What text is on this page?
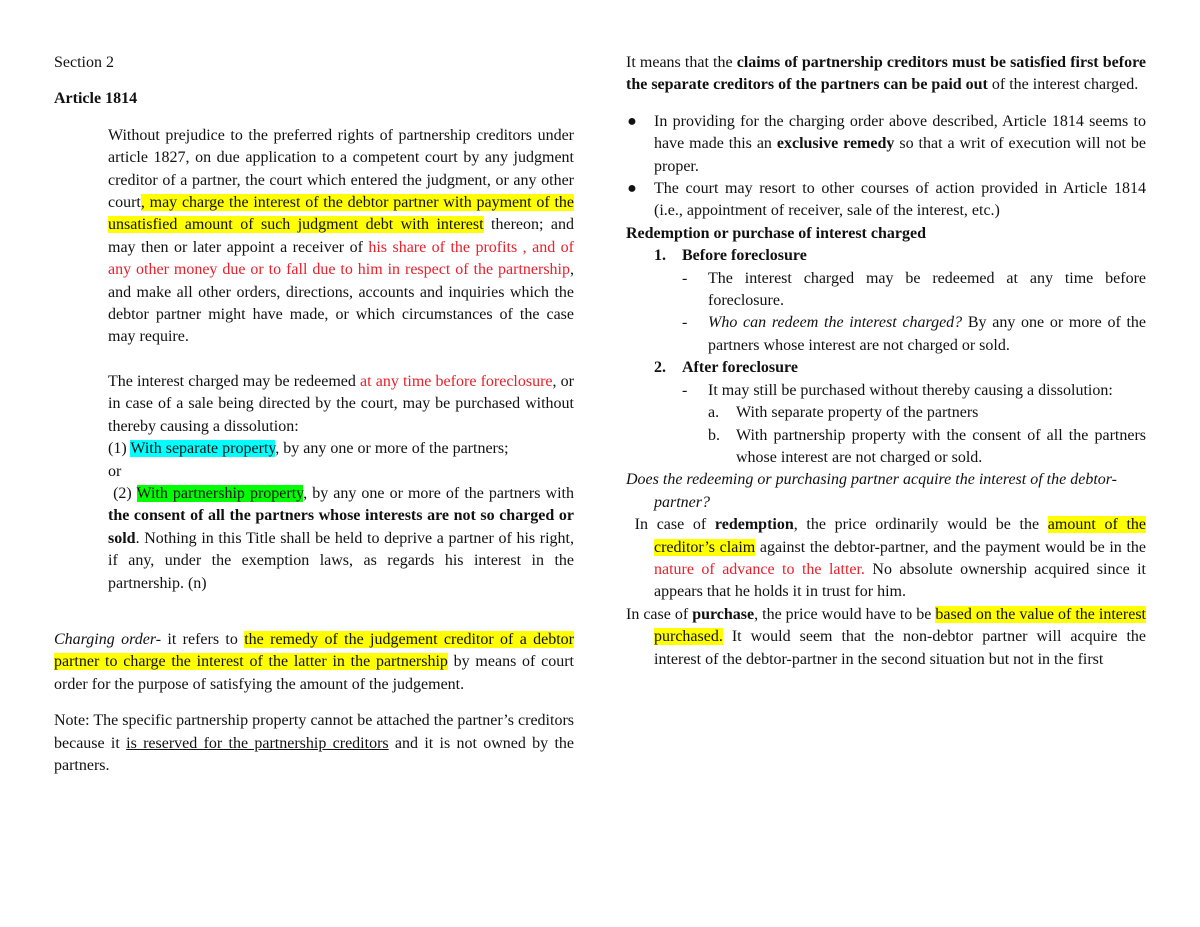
Section 2

Article 1814

Without prejudice to the preferred rights of partnership creditors under article 1827, on due application to a competent court by any judgment creditor of a partner, the court which entered the judgment, or any other court, may charge the interest of the debtor partner with payment of the unsatisfied amount of such judgment debt with interest thereon; and may then or later appoint a receiver of his share of the profits , and of any other money due or to fall due to him in respect of the partnership, and make all other orders, directions, accounts and inquiries which the debtor partner might have made, or which circumstances of the case may require.

The interest charged may be redeemed at any time before foreclosure, or in case of a sale being directed by the court, may be purchased without thereby causing a dissolution:

(1) With separate property, by any one or more of the partners;

or

(2) With partnership property, by any one or more of the partners with the consent of all the partners whose interests are not so charged or sold. Nothing in this Title shall be held to deprive a partner of his right, if any, under the exemption laws, as regards his interest in the partnership. (n)

Charging order- it refers to the remedy of the judgement creditor of a debtor partner to charge the interest of the latter in the partnership by means of court order for the purpose of satisfying the amount of the judgement.

Note: The specific partnership property cannot be attached the partner’s creditors because it is reserved for the partnership creditors and it is not owned by the partners.

It means that the claims of partnership creditors must be satisfied first before the separate creditors of the partners can be paid out of the interest charged.

● In providing for the charging order above described, Article 1814 seems to have made this an exclusive remedy so that a writ of execution will not be proper.
● The court may resort to other courses of action provided in Article 1814 (i.e., appointment of receiver, sale of the interest, etc.)

Redemption or purchase of interest charged

1. Before foreclosure

- The interest charged may be redeemed at any time before foreclosure.

- Who can redeem the interest charged? By any one or more of the partners whose interest are not charged or sold.

2. After foreclosure

- It may still be purchased without thereby causing a dissolution:

a. With separate property of the partners

b. With partnership property with the consent of all the partners whose interest are not charged or sold.

Does the redeeming or purchasing partner acquire the interest of the debtor-partner?

In case of redemption, the price ordinarily would be the amount of the creditor’s claim against the debtor-partner, and the payment would be in the nature of advance to the latter. No absolute ownership acquired since it appears that he holds it in trust for him.

In case of purchase, the price would have to be based on the value of the interest purchased. It would seem that the non-debtor partner will acquire the interest of the debtor-partner in the second situation but not in the first
